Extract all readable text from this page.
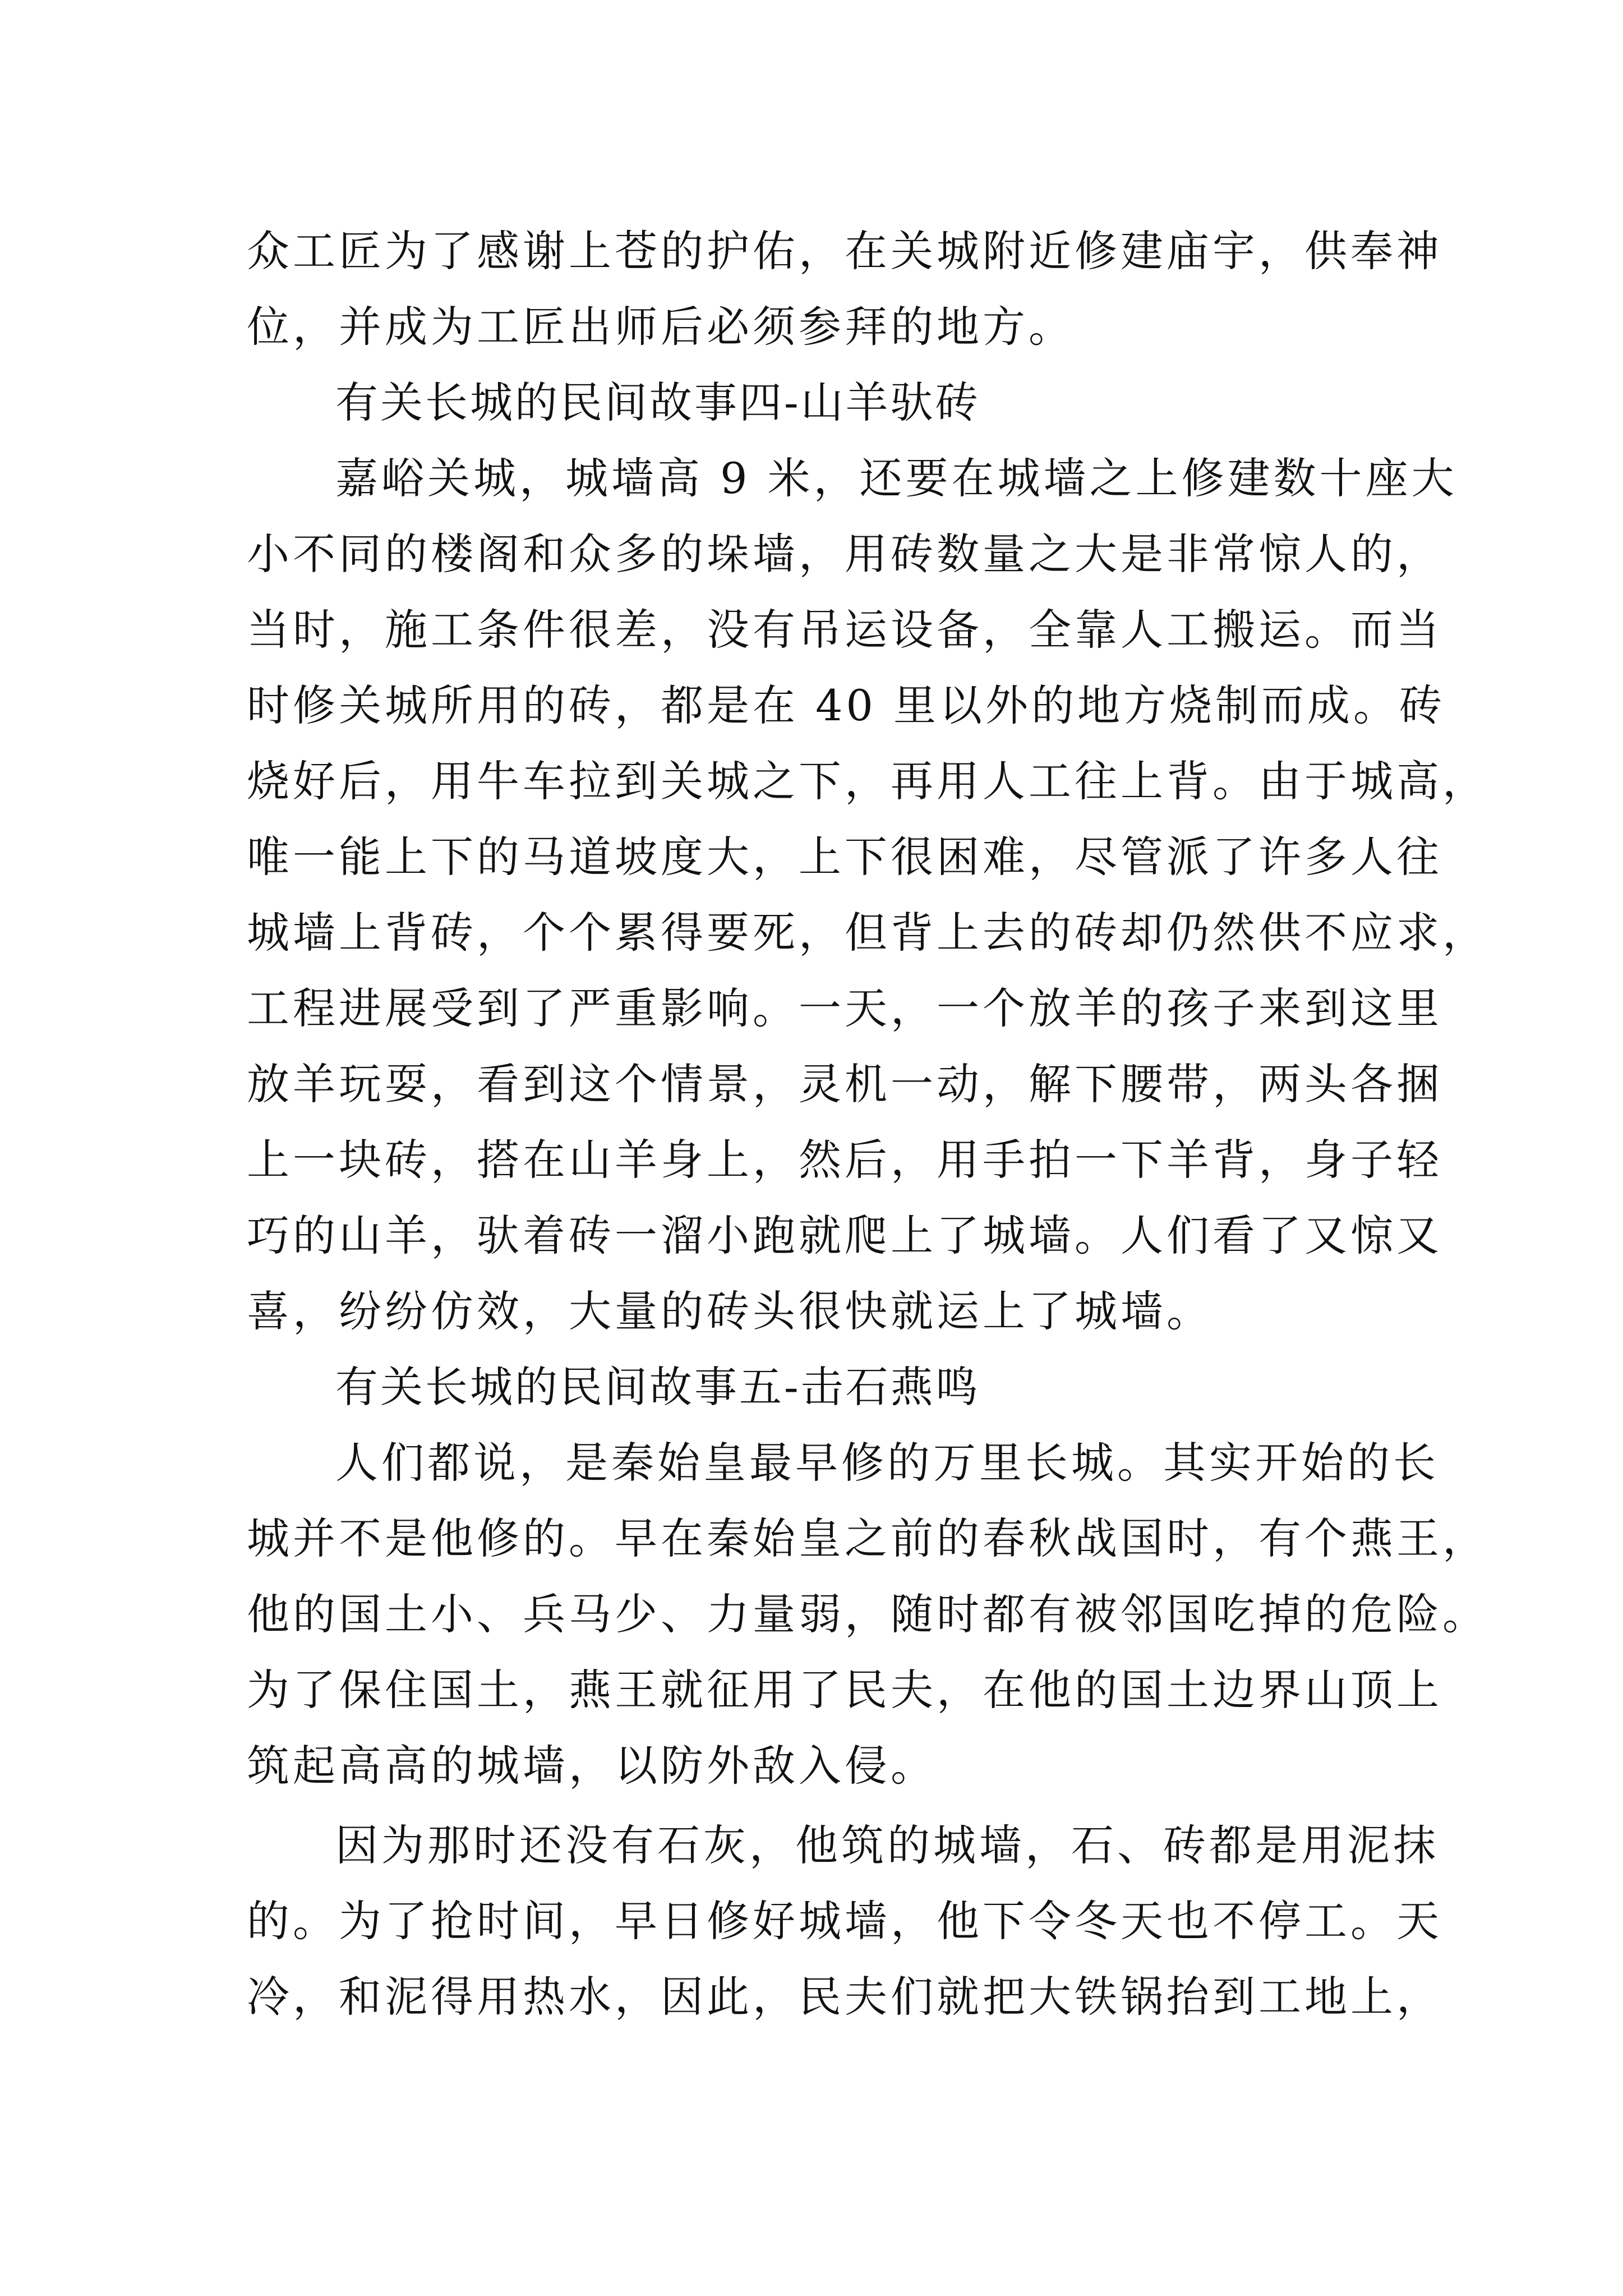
众工匠为了感谢上苍的护佑，在关城附近修建庙宇，供奉神
位，并成为工匠出师后必须参拜的地方。
有关长城的民间故事四-山羊驮砖
嘉峪关城，城墙高 9 米，还要在城墙之上修建数十座大
小不同的楼阁和众多的垛墙，用砖数量之大是非常惊人的，
当时，施工条件很差，没有吊运设备，全靠人工搬运。而当
时修关城所用的砖，都是在 40 里以外的地方烧制而成。砖
烧好后，用牛车拉到关城之下，再用人工往上背。由于城高，
唯一能上下的马道坡度大，上下很困难，尽管派了许多人往
城墙上背砖，个个累得要死，但背上去的砖却仍然供不应求，
工程进展受到了严重影响。一天，一个放羊的孩子来到这里
放羊玩耍，看到这个情景，灵机一动，解下腰带，两头各捆
上一块砖，搭在山羊身上，然后，用手拍一下羊背，身子轻
巧的山羊，驮着砖一溜小跑就爬上了城墙。人们看了又惊又
喜，纷纷仿效，大量的砖头很快就运上了城墙。
有关长城的民间故事五-击石燕鸣
人们都说，是秦始皇最早修的万里长城。其实开始的长
城并不是他修的。早在秦始皇之前的春秋战国时，有个燕王，
他的国土小、兵马少、力量弱，随时都有被邻国吃掉的危险。
为了保住国土，燕王就征用了民夫，在他的国土边界山顶上
筑起高高的城墙，以防外敌入侵。
因为那时还没有石灰，他筑的城墙，石、砖都是用泥抹
的。为了抢时间，早日修好城墙，他下令冬天也不停工。天
冷，和泥得用热水，因此，民夫们就把大铁锅抬到工地上，
